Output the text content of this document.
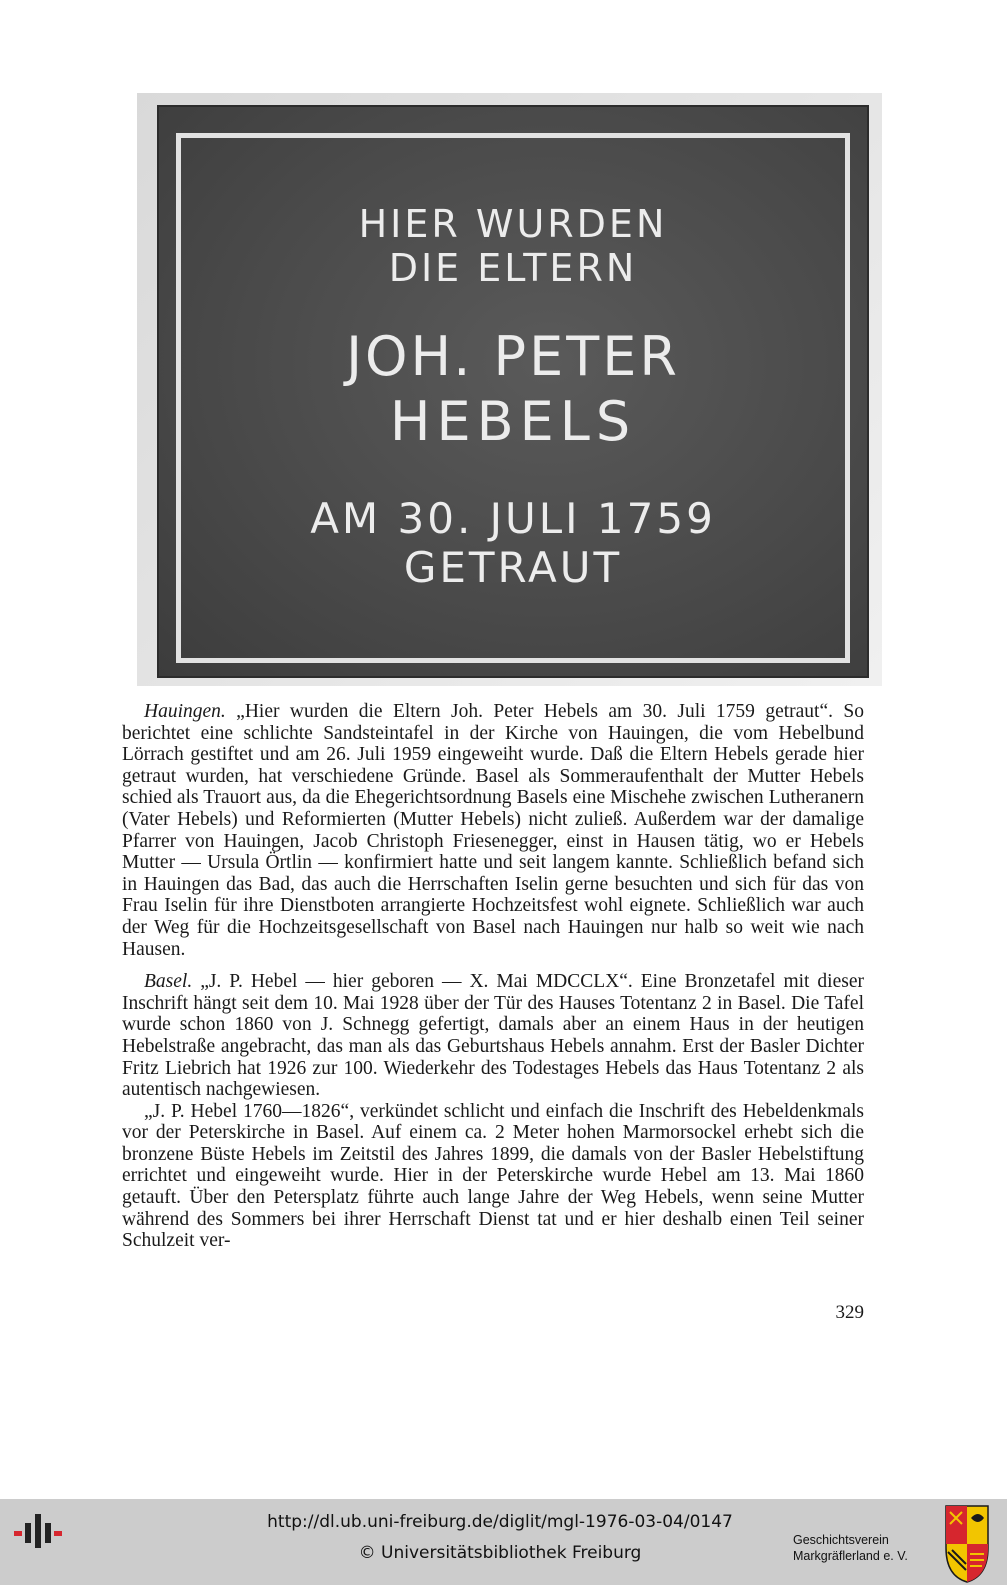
HIER WURDEN
DIE ELTERN
JOH. PETER
HEBELS
AM 30. JULI 1759
GETRAUT

Hauingen. „Hier wurden die Eltern Joh. Peter Hebels am 30. Juli 1759 getraut“. So berichtet eine schlichte Sandsteintafel in der Kirche von Hauingen, die vom Hebelbund Lörrach gestiftet und am 26. Juli 1959 eingeweiht wurde. Daß die Eltern Hebels gerade hier getraut wurden, hat verschiedene Gründe. Basel als Sommeraufenthalt der Mutter Hebels schied als Trauort aus, da die Ehegerichtsordnung Basels eine Mischehe zwischen Lutheranern (Vater Hebels) und Reformierten (Mutter Hebels) nicht zuließ. Außerdem war der damalige Pfarrer von Hauingen, Jacob Christoph Friesenegger, einst in Hausen tätig, wo er Hebels Mutter — Ursula Örtlin — konfirmiert hatte und seit langem kannte. Schließlich befand sich in Hauingen das Bad, das auch die Herrschaften Iselin gerne besuchten und sich für das von Frau Iselin für ihre Dienstboten arrangierte Hochzeitsfest wohl eignete. Schließlich war auch der Weg für die Hochzeitsgesellschaft von Basel nach Hauingen nur halb so weit wie nach Hausen.

Basel. „J. P. Hebel — hier geboren — X. Mai MDCCLX“. Eine Bronzetafel mit dieser Inschrift hängt seit dem 10. Mai 1928 über der Tür des Hauses Totentanz 2 in Basel. Die Tafel wurde schon 1860 von J. Schnegg gefertigt, damals aber an einem Haus in der heutigen Hebelstraße angebracht, das man als das Geburtshaus Hebels annahm. Erst der Basler Dichter Fritz Liebrich hat 1926 zur 100. Wiederkehr des Todestages Hebels das Haus Totentanz 2 als autentisch nachgewiesen.

„J. P. Hebel 1760—1826“, verkündet schlicht und einfach die Inschrift des Hebeldenkmals vor der Peterskirche in Basel. Auf einem ca. 2 Meter hohen Marmorsockel erhebt sich die bronzene Büste Hebels im Zeitstil des Jahres 1899, die damals von der Basler Hebelstiftung errichtet und eingeweiht wurde. Hier in der Peterskirche wurde Hebel am 13. Mai 1860 getauft. Über den Petersplatz führte auch lange Jahre der Weg Hebels, wenn seine Mutter während des Sommers bei ihrer Herrschaft Dienst tat und er hier deshalb einen Teil seiner Schulzeit ver-

329
http://dl.ub.uni-freiburg.de/diglit/mgl-1976-03-04/0147
© Universitätsbibliothek Freiburg
Geschichtsverein
Markgräflerland e. V.
